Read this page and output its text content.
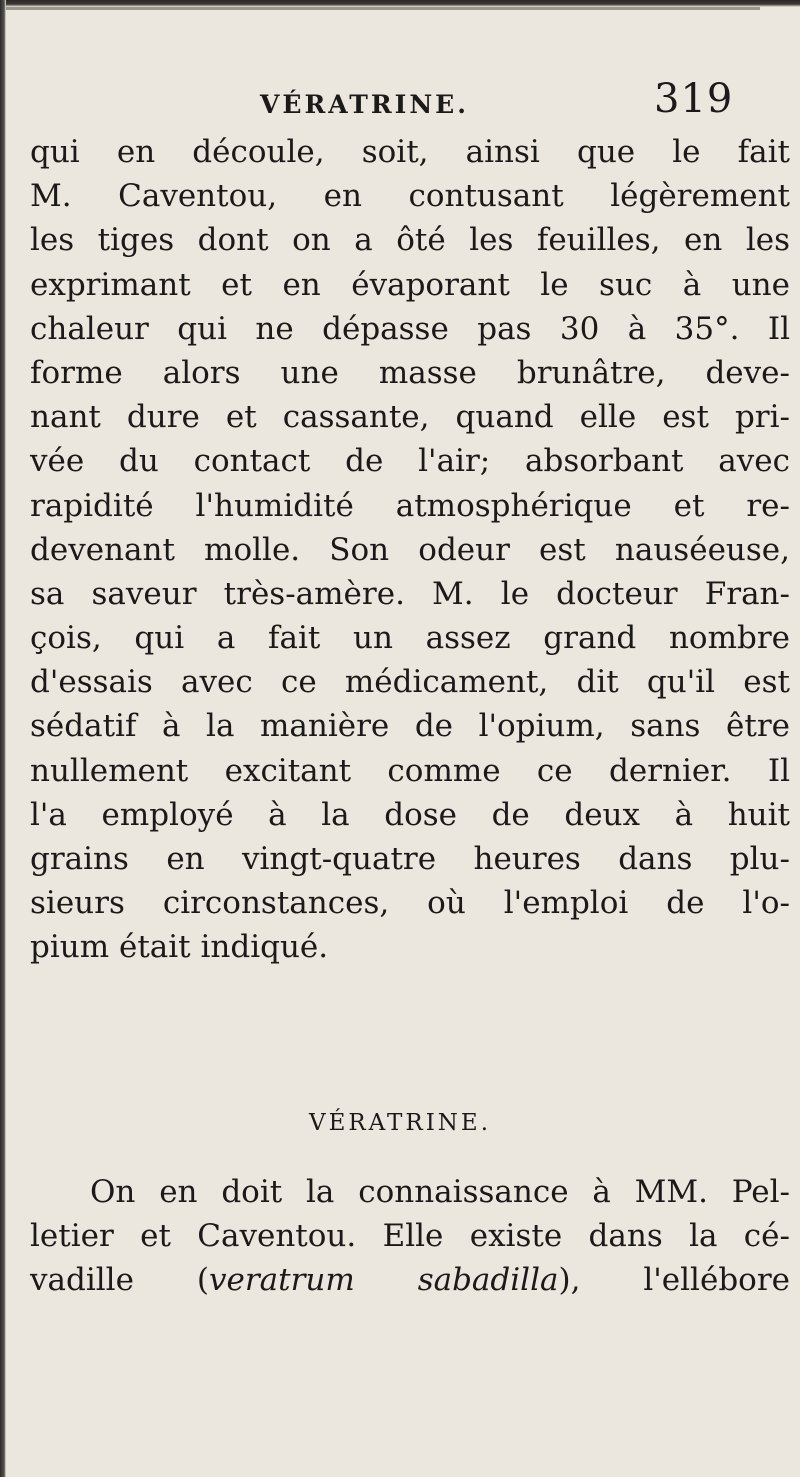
VÉRATRINE.	319
qui en découle, soit, ainsi que le fait
M. Caventou, en contusant légèrement
les tiges dont on a ôté les feuilles, en les
exprimant et en évaporant le suc à une
chaleur qui ne dépasse pas 30 à 35°. Il
forme alors une masse brunâtre, deve-
nant dure et cassante, quand elle est pri-
vée du contact de l'air; absorbant avec
rapidité l'humidité atmosphérique et re-
devenant molle. Son odeur est nauséeuse,
sa saveur très-amère. M. le docteur Fran-
çois, qui a fait un assez grand nombre
d'essais avec ce médicament, dit qu'il est
sédatif à la manière de l'opium, sans être
nullement excitant comme ce dernier. Il
l'a employé à la dose de deux à huit
grains en vingt-quatre heures dans plu-
sieurs circonstances, où l'emploi de l'o-
pium était indiqué.
VÉRATRINE.
On en doit la connaissance à MM. Pel-
letier et Caventou. Elle existe dans la cé-
vadille (veratrum sabadilla), l'ellébore
